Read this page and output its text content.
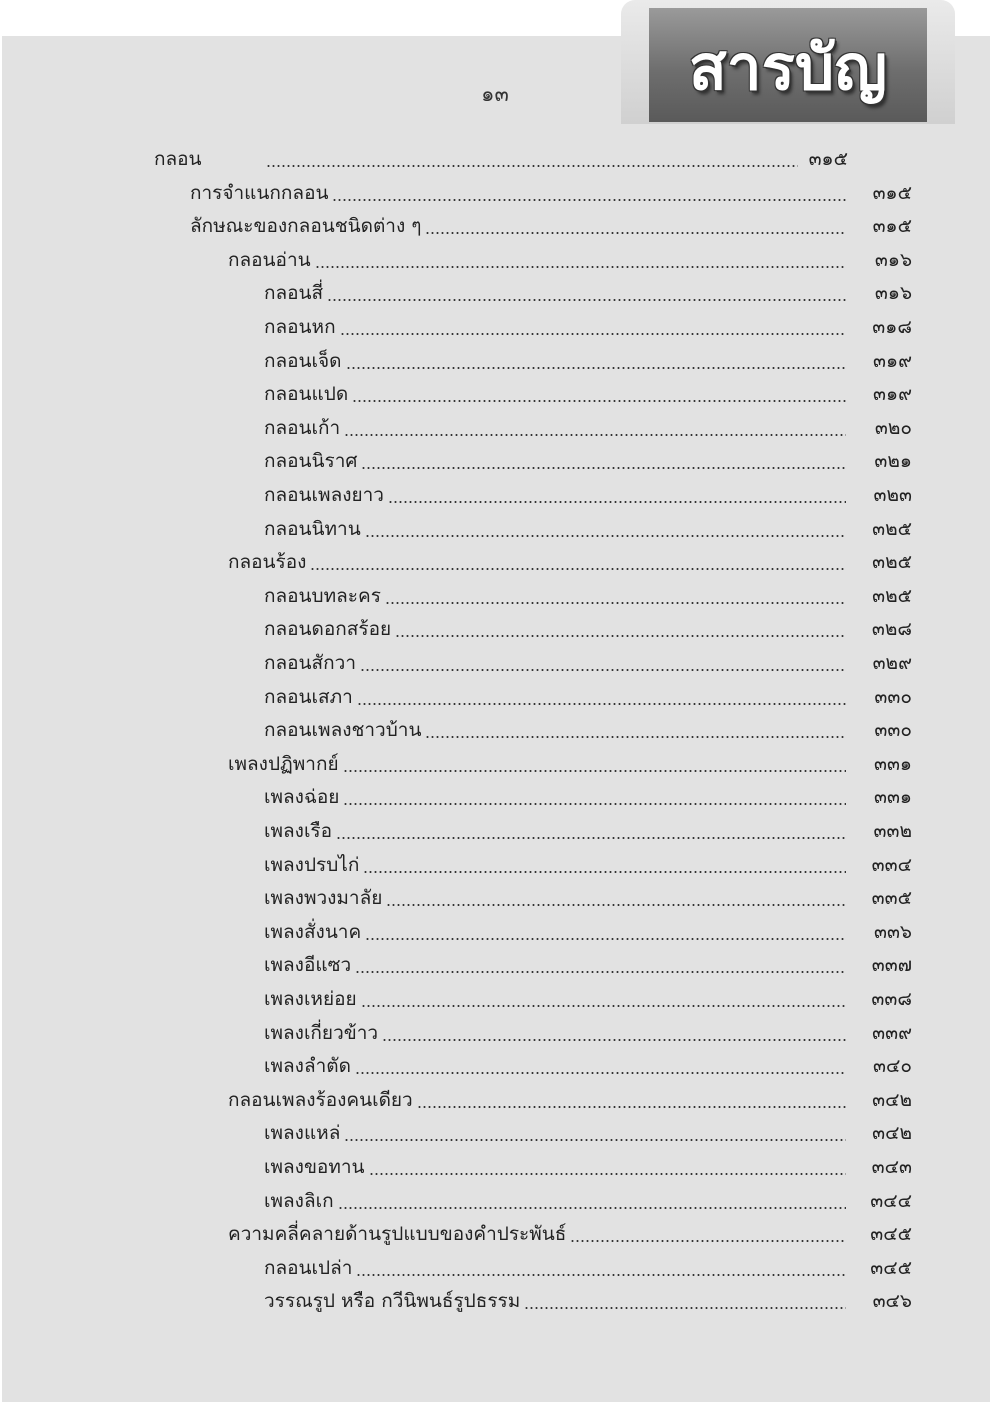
สารบัญ
๑๓
กลอน	๓๑๕
การจำแนกกลอน	๓๑๕
ลักษณะของกลอนชนิดต่าง ๆ	๓๑๕
กลอนอ่าน	๓๑๖
กลอนสี่	๓๑๖
กลอนหก	๓๑๘
กลอนเจ็ด	๓๑๙
กลอนแปด	๓๑๙
กลอนเก้า	๓๒๐
กลอนนิราศ	๓๒๑
กลอนเพลงยาว	๓๒๓
กลอนนิทาน	๓๒๕
กลอนร้อง	๓๒๕
กลอนบทละคร	๓๒๕
กลอนดอกสร้อย	๓๒๘
กลอนสักวา	๓๒๙
กลอนเสภา	๓๓๐
กลอนเพลงชาวบ้าน	๓๓๐
เพลงปฏิพากย์	๓๓๑
เพลงฉ่อย	๓๓๑
เพลงเรือ	๓๓๒
เพลงปรบไก่	๓๓๔
เพลงพวงมาลัย	๓๓๕
เพลงสั่งนาค	๓๓๖
เพลงอีแซว	๓๓๗
เพลงเหย่อย	๓๓๘
เพลงเกี่ยวข้าว	๓๓๙
เพลงลำตัด	๓๔๐
กลอนเพลงร้องคนเดียว	๓๔๒
เพลงแหล่	๓๔๒
เพลงขอทาน	๓๔๓
เพลงลิเก	๓๔๔
ความคลี่คลายด้านรูปแบบของคำประพันธ์	๓๔๕
กลอนเปล่า	๓๔๕
วรรณรูป หรือ กวีนิพนธ์รูปธรรม	๓๔๖
